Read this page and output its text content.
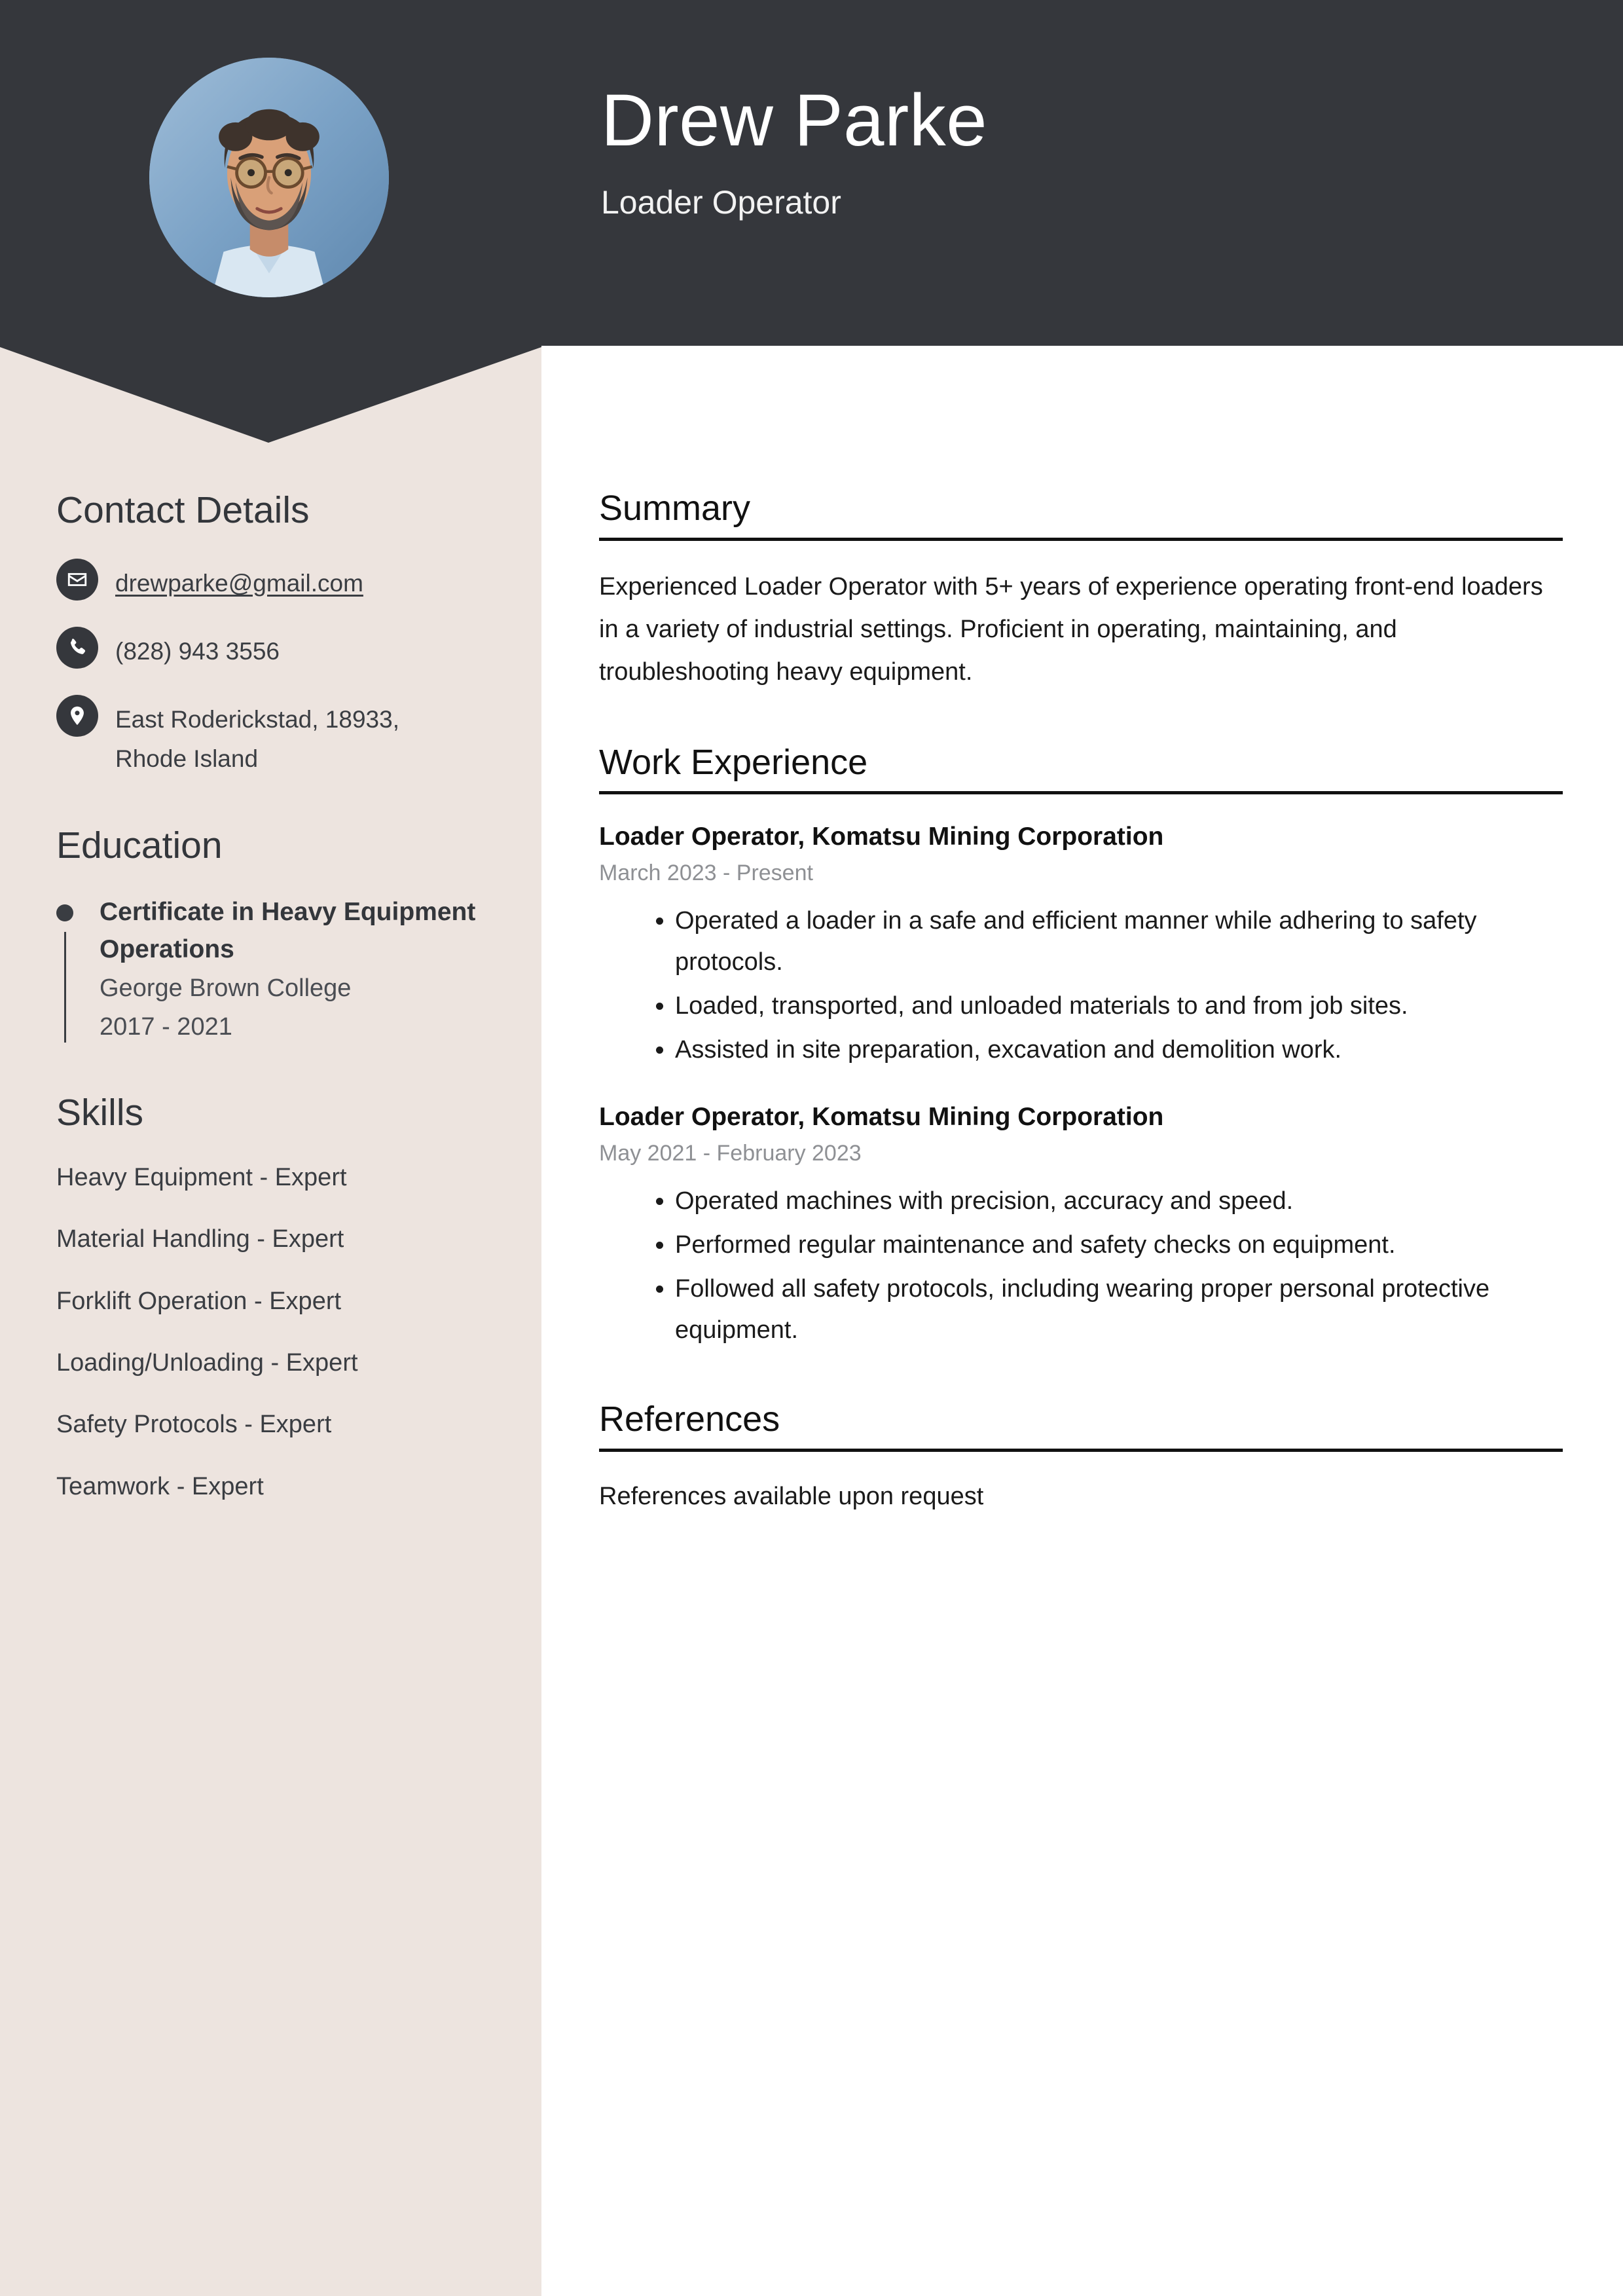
Drew Parke
Loader Operator
Contact Details
drewparke@gmail.com
(828) 943 3556
East Roderickstad, 18933, Rhode Island
Education
Certificate in Heavy Equipment Operations
George Brown College
2017 - 2021
Skills
Heavy Equipment - Expert
Material Handling - Expert
Forklift Operation - Expert
Loading/Unloading - Expert
Safety Protocols - Expert
Teamwork - Expert
Summary
Experienced Loader Operator with 5+ years of experience operating front-end loaders in a variety of industrial settings. Proficient in operating, maintaining, and troubleshooting heavy equipment.
Work Experience
Loader Operator, Komatsu Mining Corporation
March 2023 - Present
• Operated a loader in a safe and efficient manner while adhering to safety protocols.
• Loaded, transported, and unloaded materials to and from job sites.
• Assisted in site preparation, excavation and demolition work.
Loader Operator, Komatsu Mining Corporation
May 2021 - February 2023
• Operated machines with precision, accuracy and speed.
• Performed regular maintenance and safety checks on equipment.
• Followed all safety protocols, including wearing proper personal protective equipment.
References
References available upon request
